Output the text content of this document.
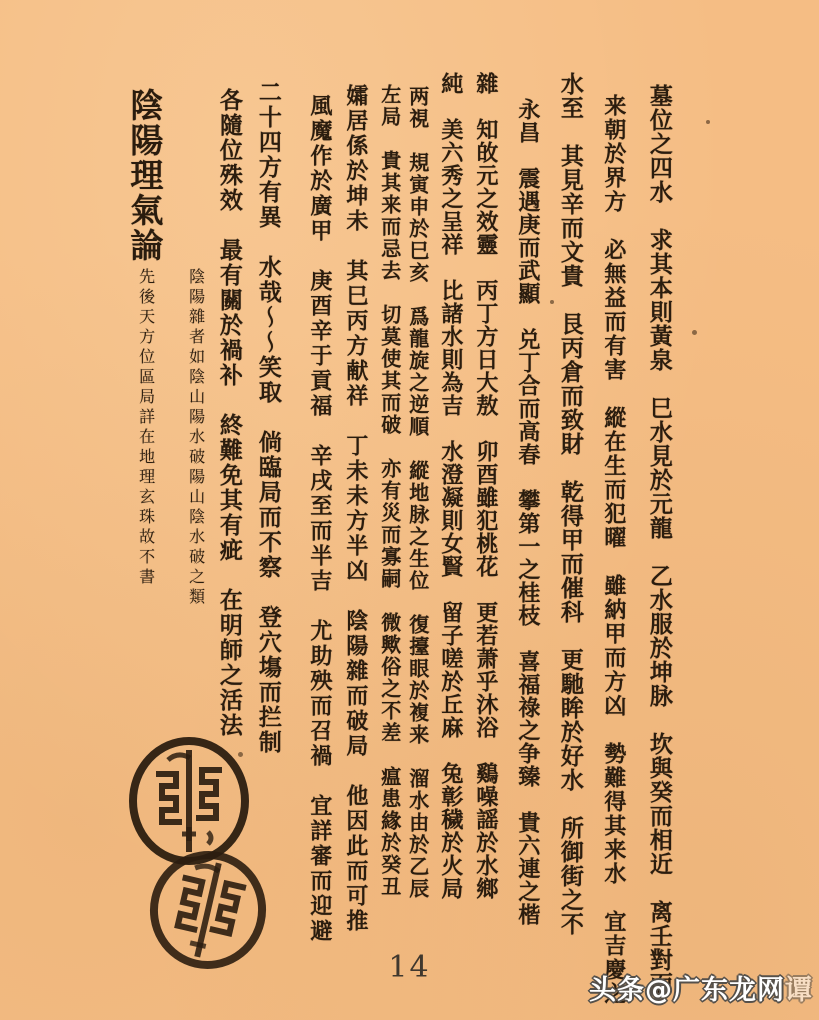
墓位之四水　求其本則黃泉　巳水見於元龍　乙水服於坤脉　坎與癸而相近　离壬對面
来朝於界方　必無益而有害　縱在生而犯曜　雖納甲而方凶　勢難得其来水　宜吉慶之
水至　其見辛而文貴　艮丙倉而致財　乾得甲而催科　更馳眸於好水　所御街之不
永昌　震遇庚而武顯　兑丁合而高春　攀第一之桂枝　喜福祿之争臻　貴六連之楷
雜　知敀元之效靈　丙丁方日大敖　卯酉雖犯桃花　更若萧乎沐浴　鷄噪謡於水鄉
純　美六秀之呈祥　比諸水則為吉　水澄凝則女賢　留子嗟於丘麻　兔彰穢於火局
两視　規寅申於巳亥　爲龍旋之逆順　縱地脉之生位　復擡眼於複来　溜水由於乙辰
左局　貴其来而忌去　切莫使其而破　亦有災而寡嗣　微歟俗之不差　瘟患緣於癸丑
孀居係於坤未　其巳丙方献祥　丁未未方半凶　陰陽雜而破局　他因此而可推
風魔作於廣甲　庚酉辛于貢福　辛戌至而半吉　尤助殃而召禍　宜詳審而迎避
二十四方有異　水哉～～笑取　倘臨局而不察　登穴塲而拦制
各隨位殊效　最有關於禍补　終難免其有疵　在明師之活法
陰陽雜者如陰山陽水破陽山陰水破之類
陰陽理氣論
先後天方位區局詳在地理玄珠故不書
14
头条@广东龙网谭
